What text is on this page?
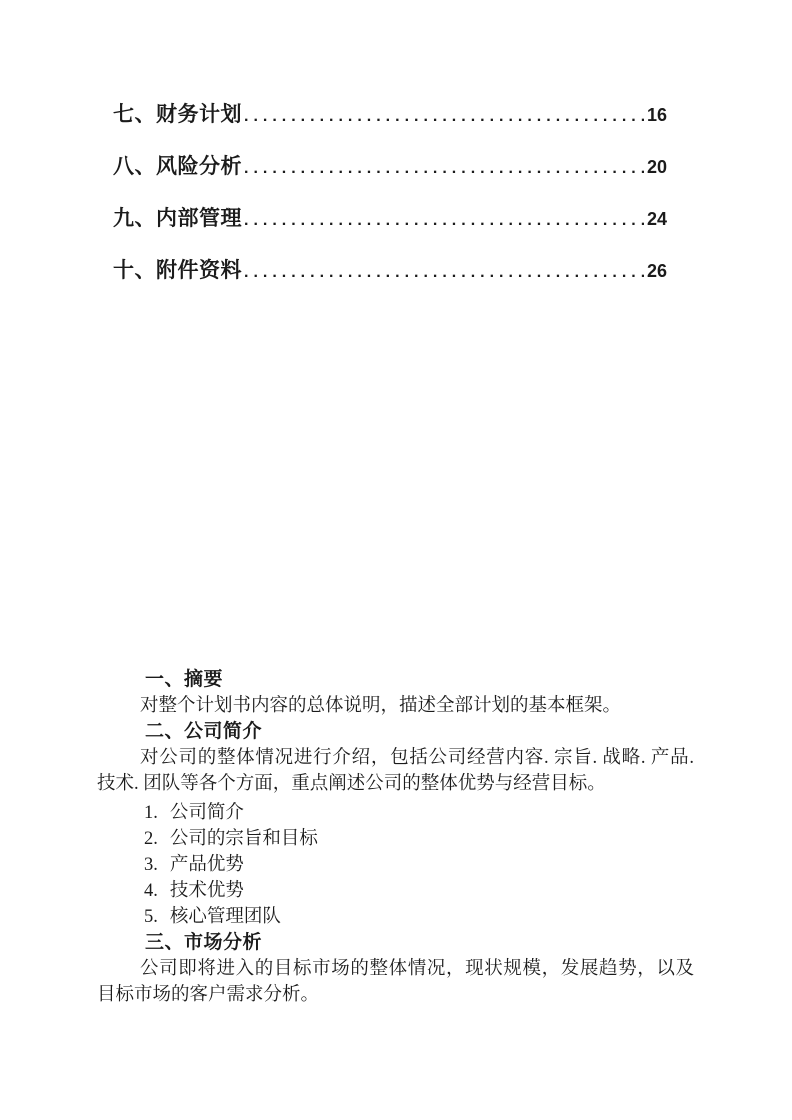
七、财务计划 .....	16
八、风险分析 .....	20
九、内部管理 .....	24
十、附件资料 .....	26
一、摘要
对整个计划书内容的总体说明，描述全部计划的基本框架。
二、公司简介
对公司的整体情况进行介绍，包括公司经营内容. 宗旨. 战略. 产品. 技术. 团队等各个方面，重点阐述公司的整体优势与经营目标。
1. 公司简介
2. 公司的宗旨和目标
3. 产品优势
4. 技术优势
5. 核心管理团队
三、市场分析
公司即将进入的目标市场的整体情况，现状规模，发展趋势，以及目标市场的客户需求分析。
